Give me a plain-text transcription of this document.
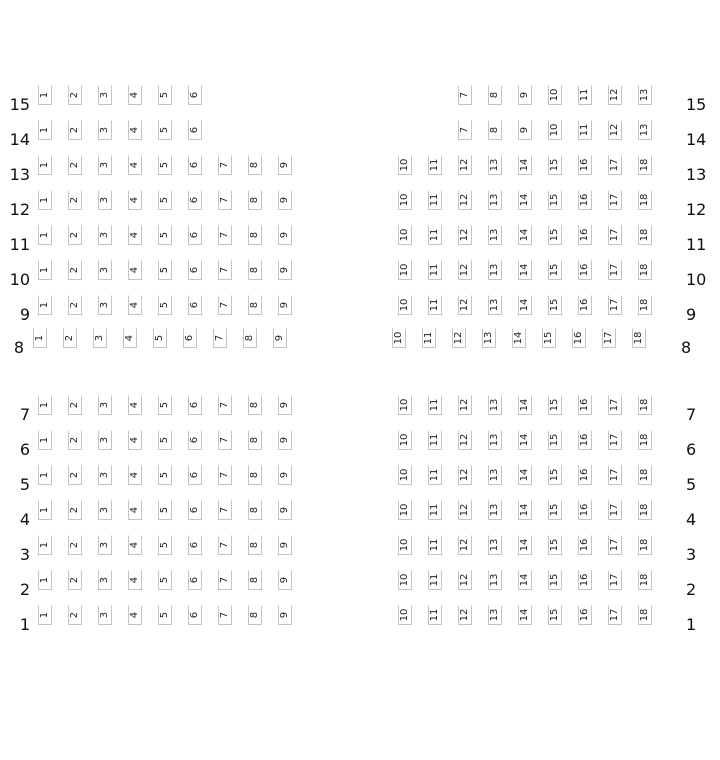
15	15
1 2 3 4 5 6	7 8 9 10 11 12 13
14	14
1 2 3 4 5 6	7 8 9 10 11 12 13
13	13
1 2 3 4 5 6 7 8 9	10 11 12 13 14 15 16 17 18
12	12
1 2 3 4 5 6 7 8 9	10 11 12 13 14 15 16 17 18
11	11
1 2 3 4 5 6 7 8 9	10 11 12 13 14 15 16 17 18
10	10
1 2 3 4 5 6 7 8 9	10 11 12 13 14 15 16 17 18
9	9
1 2 3 4 5 6 7 8 9	10 11 12 13 14 15 16 17 18
8	8
1 2 3 4 5 6 7 8 9	10 11 12 13 14 15 16 17 18
7	7
1 2 3 4 5 6 7 8 9	10 11 12 13 14 15 16 17 18
6	6
1 2 3 4 5 6 7 8 9	10 11 12 13 14 15 16 17 18
5	5
1 2 3 4 5 6 7 8 9	10 11 12 13 14 15 16 17 18
4	4
1 2 3 4 5 6 7 8 9	10 11 12 13 14 15 16 17 18
3	3
1 2 3 4 5 6 7 8 9	10 11 12 13 14 15 16 17 18
2	2
1 2 3 4 5 6 7 8 9	10 11 12 13 14 15 16 17 18
1	1
1 2 3 4 5 6 7 8 9	10 11 12 13 14 15 16 17 18
